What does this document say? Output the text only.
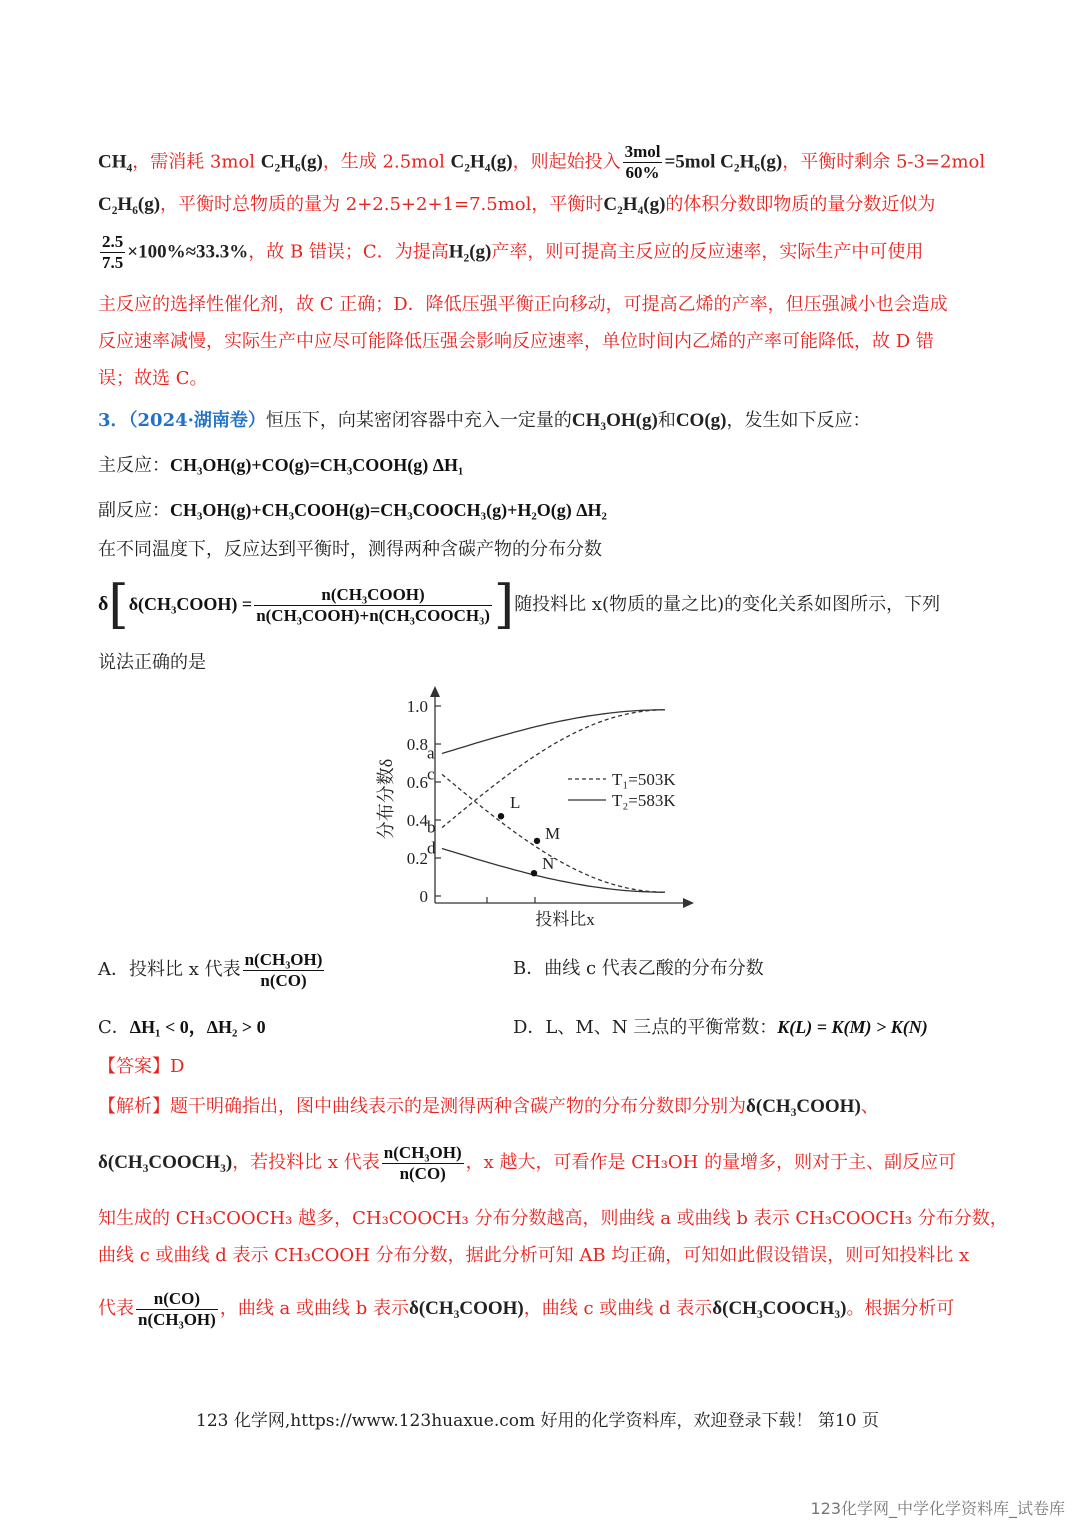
CH₄，需消耗 3mol C₂H₆(g)，生成 2.5mol C₂H₄(g)，则起始投入 $\frac{\text{3mol}}{60\%} =5mol$ C₂H₆(g)，平衡时剩余 5-3=2mol
C₂H₆(g)，平衡时总物质的量为 2+2.5+2+1=7.5mol，平衡时C₂H₄(g)的体积分数即物质的量分数近似为
$\frac{2.5}{7.5} \times 100\%\approx 33.3\%$，故 B 错误；C．为提高H₂(g)产率，则可提高主反应的反应速率，实际生产中可使用
主反应的选择性催化剂，故 C 正确；D．降低压强平衡正向移动，可提高乙烯的产率，但压强减小也会造成
反应速率减慢，实际生产中应尽可能降低压强会影响反应速率，单位时间内乙烯的产率可能降低，故 D 错
误；故选 C。
3．（2024·湖南卷）恒压下，向某密闭容器中充入一定量的CH₃OH(g)和CO(g)，发生如下反应：
主反应：CH₃OH(g)+CO(g)=CH₃COOH(g) ΔH₁
副反应：CH₃OH(g)+CH₃COOH(g)=CH₃COOCH₃(g)+H₂O(g) ΔH₂
在不同温度下，反应达到平衡时，测得两种含碳产物的分布分数
δ[δ(CH₃COOH) = $\frac{\text{n(CH₃COOH)}}{\text{n(CH₃COOH)+n(CH₃COOCH₃)}}$ ]随投料比 x(物质的量之比)的变化关系如图所示，下列
说法正确的是
1.0
0.8
0.6
0.4
0.2
0
a
b
c
d
L
M
N
分布分数δ
投料比x
T₁=503K
T₂=583K
A．投料比 x 代表 $\frac{\text{n(CH₃OH)}}{n(CO)}$	B．曲线 c 代表乙酸的分布分数
C．ΔH₁ < 0，ΔH₂ > 0	D．L、M、N 三点的平衡常数：K(L) = K(M) > K(N)
【答案】D
【解析】题干明确指出，图中曲线表示的是测得两种含碳产物的分布分数即分别为δ(CH₃COOH)、
δ(CH₃COOCH₃)，若投料比 x 代表 $\frac{\text{n(CH₃OH)}}{n(CO)}$ ，x 越大，可看作是 CH₃OH 的量增多，则对于主、副反应可
知生成的 CH₃COOCH₃ 越多，CH₃COOCH₃ 分布分数越高，则曲线 a 或曲线 b 表示 CH₃COOCH₃ 分布分数，
曲线 c 或曲线 d 表示 CH₃COOH 分布分数，据此分析可知 AB 均正确，可知如此假设错误，则可知投料比 x
代表 $\frac{n(CO)}{\text{n(CH₃OH)}}$ ，曲线 a 或曲线 b 表示δ(CH₃COOH)，曲线 c 或曲线 d 表示δ(CH₃COOCH₃)。根据分析可
123 化学网,https://www.123huaxue.com 好用的化学资料库，欢迎登录下载！ 第10 页
123化学网_中学化学资料库_试卷库
